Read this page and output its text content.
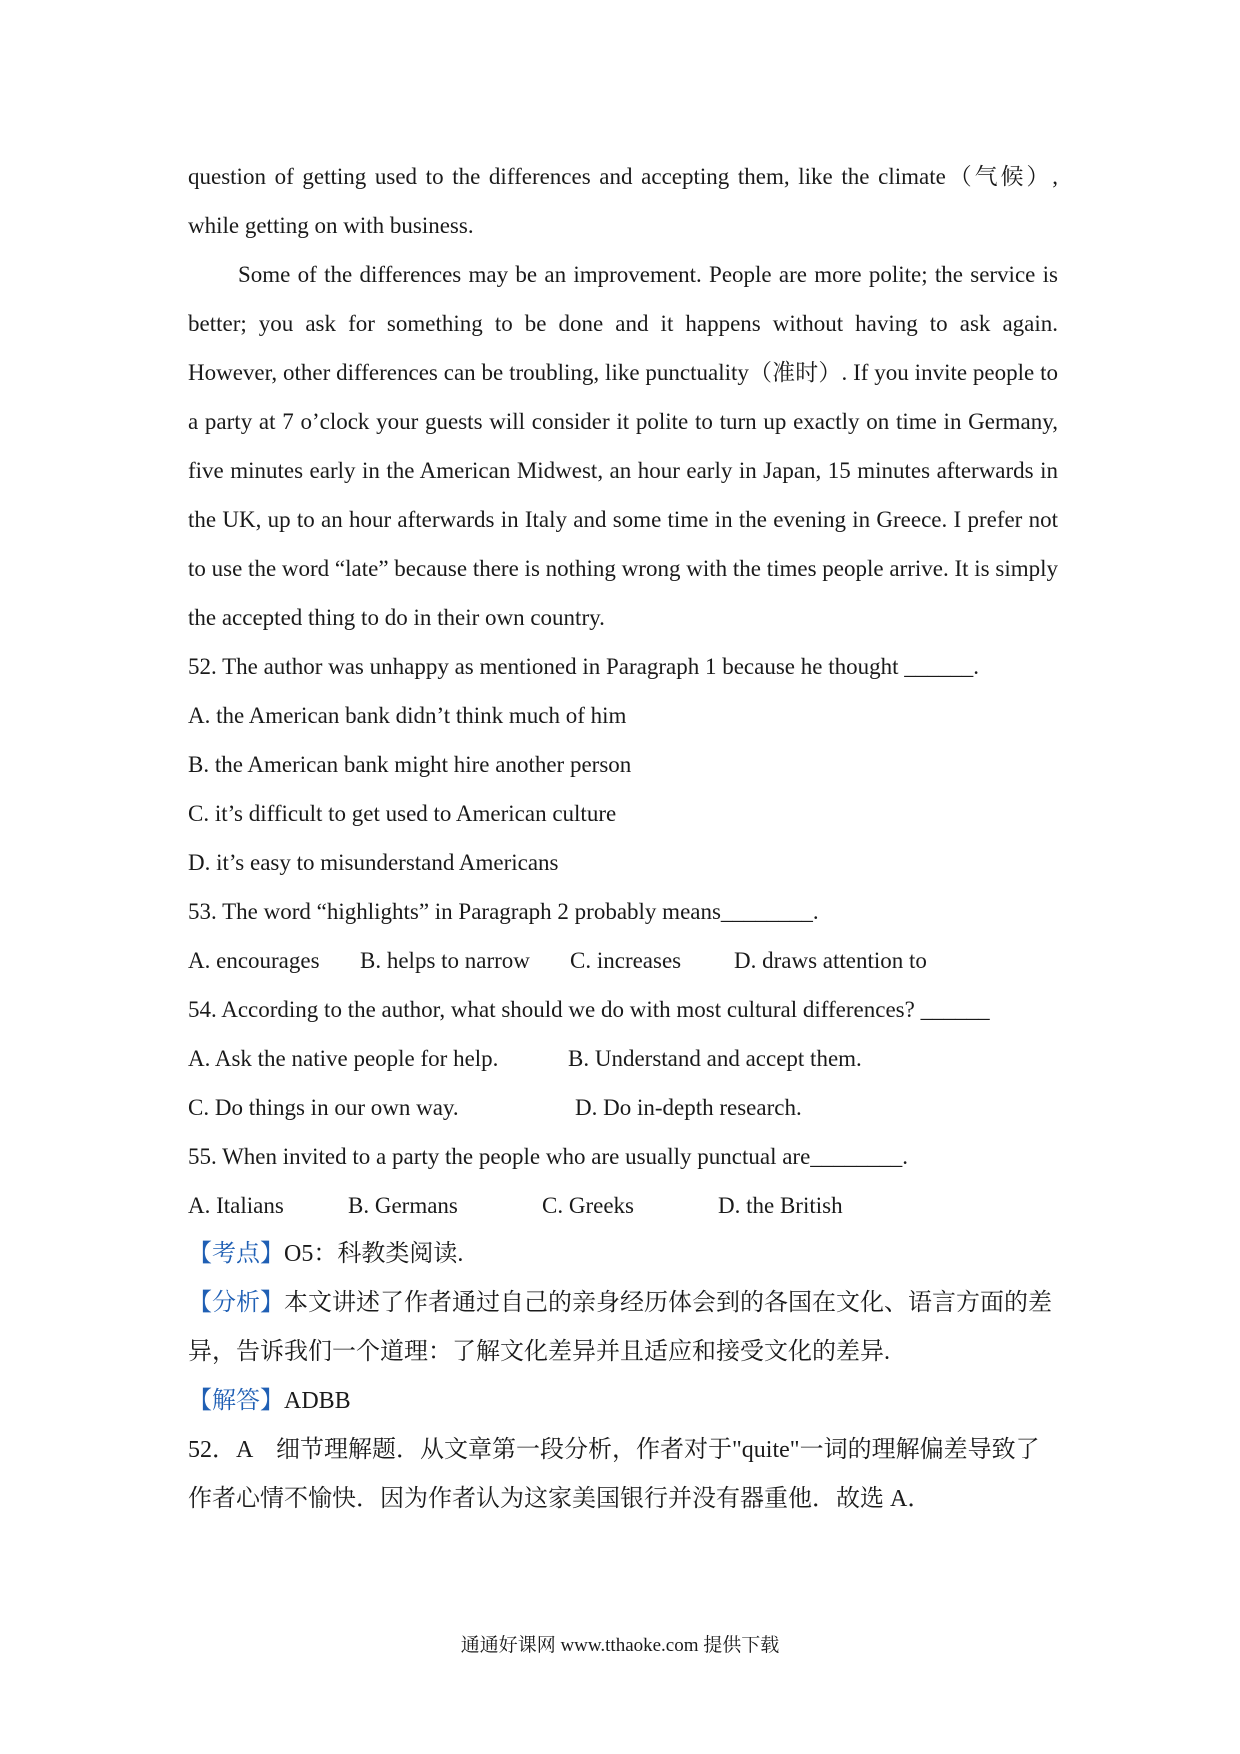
question of getting used to the differences and accepting them, like the climate（气候）, while getting on with business.
Some of the differences may be an improvement. People are more polite; the service is better; you ask for something to be done and it happens without having to ask again. However, other differences can be troubling, like punctuality（准时）. If you invite people to a party at 7 o’clock your guests will consider it polite to turn up exactly on time in Germany, five minutes early in the American Midwest, an hour early in Japan, 15 minutes afterwards in the UK, up to an hour afterwards in Italy and some time in the evening in Greece. I prefer not to use the word “late” because there is nothing wrong with the times people arrive. It is simply the accepted thing to do in their own country.
52. The author was unhappy as mentioned in Paragraph 1 because he thought ______.
A. the American bank didn’t think much of him
B. the American bank might hire another person
C. it’s difficult to get used to American culture
D. it’s easy to misunderstand Americans
53. The word “highlights” in Paragraph 2 probably means________.
A. encourages	B. helps to narrow	C. increases	D. draws attention to
54. According to the author, what should we do with most cultural differences? ______
A. Ask the native people for help.	B. Understand and accept them.
C. Do things in our own way.	D. Do in-depth research.
55. When invited to a party the people who are usually punctual are________.
A. Italians	B. Germans	C. Greeks	D. the British
【考点】O5：科教类阅读.
【分析】本文讲述了作者通过自己的亲身经历体会到的各国在文化、语言方面的差异，告诉我们一个道理：了解文化差异并且适应和接受文化的差异.
【解答】ADBB
52．A　细节理解题．从文章第一段分析，作者对于"quite"一词的理解偏差导致了作者心情不愉快．因为作者认为这家美国银行并没有器重他．故选 A．
通通好课网 www.tthaoke.com 提供下载
